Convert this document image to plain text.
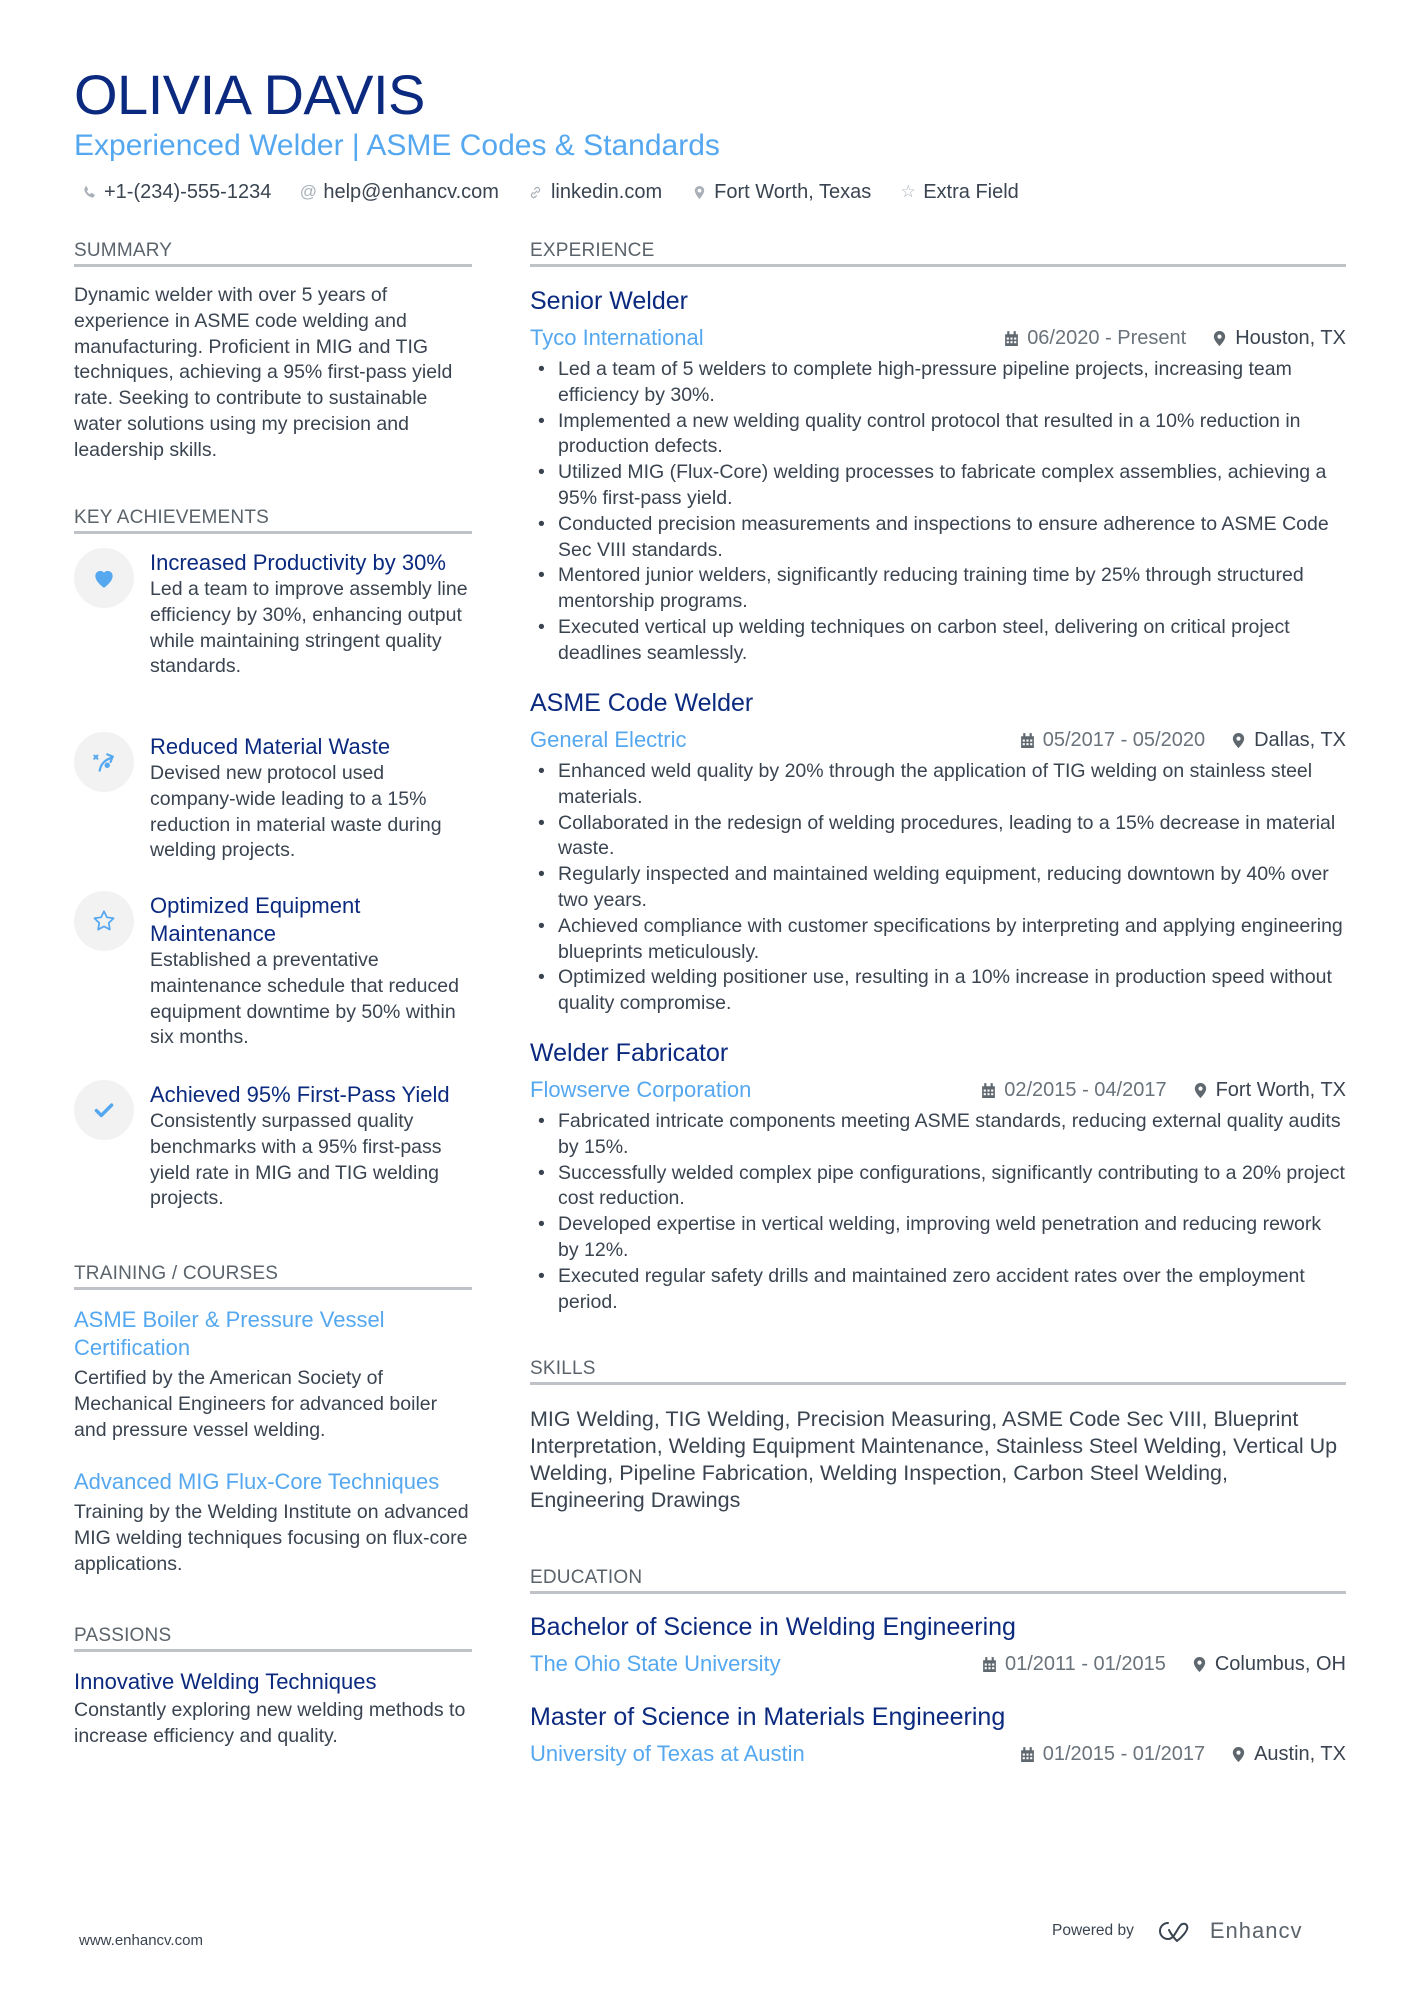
OLIVIA DAVIS
Experienced Welder | ASME Codes & Standards
+1-(234)-555-1234 @ help@enhancv.com	linkedin.com	Fort Worth, Texas ☆ Extra Field
SUMMARY
Dynamic welder with over 5 years of experience in ASME code welding and manufacturing. Proficient in MIG and TIG techniques, achieving a 95% first-pass yield rate. Seeking to contribute to sustainable water solutions using my precision and leadership skills.
KEY ACHIEVEMENTS
Increased Productivity by 30%
Led a team to improve assembly line efficiency by 30%, enhancing output while maintaining stringent quality standards.
Reduced Material Waste
Devised new protocol used company-wide leading to a 15% reduction in material waste during welding projects.
Optimized Equipment Maintenance
Established a preventative maintenance schedule that reduced equipment downtime by 50% within six months.
Achieved 95% First-Pass Yield
Consistently surpassed quality benchmarks with a 95% first-pass yield rate in MIG and TIG welding projects.
TRAINING / COURSES
ASME Boiler & Pressure Vessel Certification
Certified by the American Society of Mechanical Engineers for advanced boiler and pressure vessel welding.
Advanced MIG Flux-Core Techniques
Training by the Welding Institute on advanced MIG welding techniques focusing on flux-core applications.
PASSIONS
Innovative Welding Techniques
Constantly exploring new welding methods to increase efficiency and quality.
EXPERIENCE
Senior Welder
Tyco International	06/2020 - Present Houston, TX
• Led a team of 5 welders to complete high-pressure pipeline projects, increasing team efficiency by 30%.
• Implemented a new welding quality control protocol that resulted in a 10% reduction in production defects.
• Utilized MIG (Flux-Core) welding processes to fabricate complex assemblies, achieving a 95% first-pass yield.
• Conducted precision measurements and inspections to ensure adherence to ASME Code Sec VIII standards.
• Mentored junior welders, significantly reducing training time by 25% through structured mentorship programs.
• Executed vertical up welding techniques on carbon steel, delivering on critical project deadlines seamlessly.
ASME Code Welder
General Electric	05/2017 - 05/2020 Dallas, TX
• Enhanced weld quality by 20% through the application of TIG welding on stainless steel materials.
• Collaborated in the redesign of welding procedures, leading to a 15% decrease in material waste.
• Regularly inspected and maintained welding equipment, reducing downtown by 40% over two years.
• Achieved compliance with customer specifications by interpreting and applying engineering blueprints meticulously.
• Optimized welding positioner use, resulting in a 10% increase in production speed without quality compromise.
Welder Fabricator
Flowserve Corporation	02/2015 - 04/2017 Fort Worth, TX
• Fabricated intricate components meeting ASME standards, reducing external quality audits by 15%.
• Successfully welded complex pipe configurations, significantly contributing to a 20% project cost reduction.
• Developed expertise in vertical welding, improving weld penetration and reducing rework by 12%.
• Executed regular safety drills and maintained zero accident rates over the employment period.
SKILLS
MIG Welding, TIG Welding, Precision Measuring, ASME Code Sec VIII, Blueprint Interpretation, Welding Equipment Maintenance, Stainless Steel Welding, Vertical Up Welding, Pipeline Fabrication, Welding Inspection, Carbon Steel Welding, Engineering Drawings
EDUCATION
Bachelor of Science in Welding Engineering
The Ohio State University	01/2011 - 01/2015 Columbus, OH
Master of Science in Materials Engineering
University of Texas at Austin	01/2015 - 01/2017 Austin, TX
www.enhancv.com
Powered by	Enhancv
